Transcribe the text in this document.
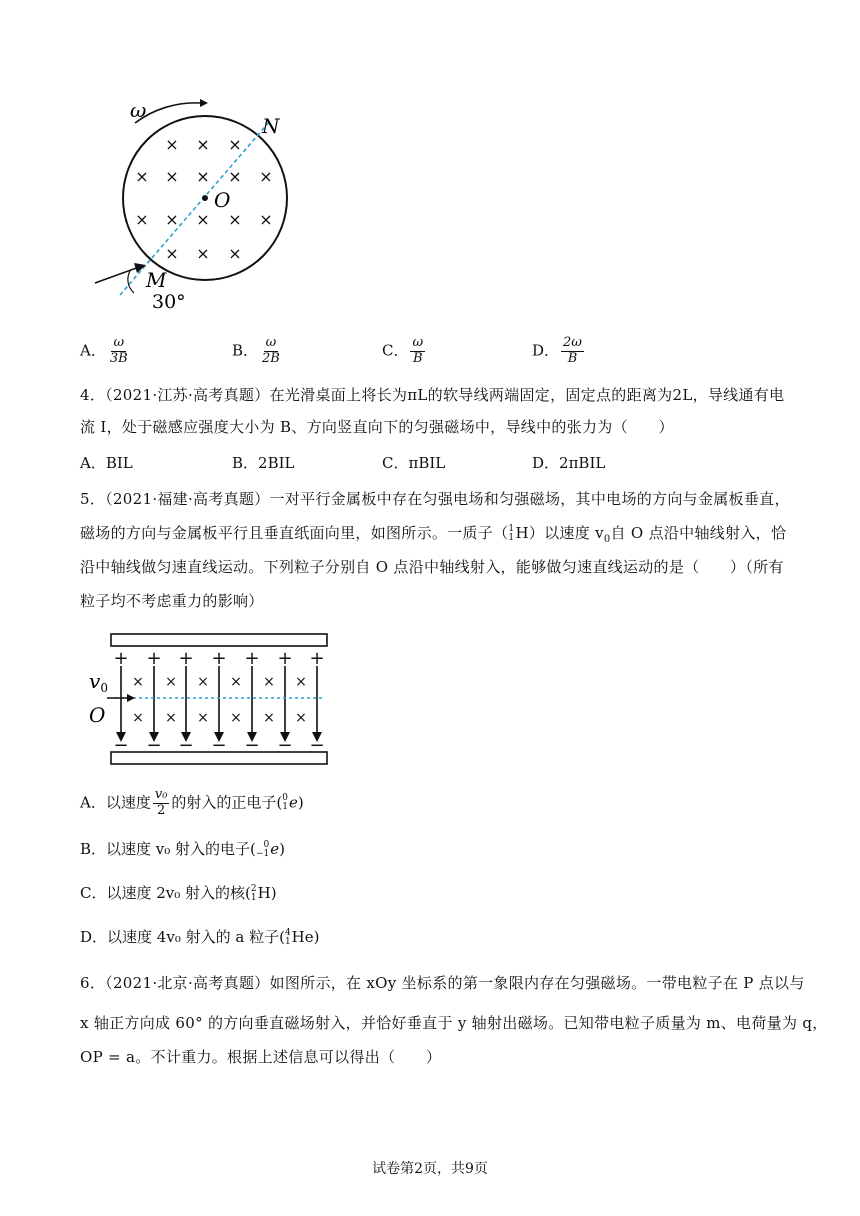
× × ×
× × × × ×
× × × × ×
× × ×
ω
N
O
M
30°
A． $\frac{\omega}{3B}$	B． $\frac{\omega}{2B}$	C． $\frac{\omega}{B}$	D． $\frac{2\omega}{B}$
4．（2021·江苏·高考真题）在光滑桌面上将长为πL的软导线两端固定，固定点的距离为2L，导线通有电
流 I，处于磁感应强度大小为 B、方向竖直向下的匀强磁场中，导线中的张力为（　　）
A．BIL	B．2BIL	C．πBIL	D．2πBIL
5．（2021·福建·高考真题）一对平行金属板中存在匀强电场和匀强磁场，其中电场的方向与金属板垂直，
磁场的方向与金属板平行且垂直纸面向里，如图所示。一质子（ 1
1 H）以速度 $v_0$自 O 点沿中轴线射入，恰
沿中轴线做匀速直线运动。下列粒子分别自 O 点沿中轴线射入，能够做匀速直线运动的是（　　）（所有
粒子均不考虑重力的影响）
+ + + + + + +
− − − − − − −
× × × × × ×
× × × × × ×
$v_0$
O
A．以速度 $\frac{\text{v₀}}{2}$ 的射入的正电子( 0
1 e)
B．以速度 v₀ 射入的电子( 0
−1 e)
C．以速度 2v₀ 射入的核( 2
1 H)
D．以速度 4v₀ 射入的 a 粒子( 4
1 He)
6．（2021·北京·高考真题）如图所示，在 xOy 坐标系的第一象限内存在匀强磁场。一带电粒子在 P 点以与
x 轴正方向成 60° 的方向垂直磁场射入，并恰好垂直于 y 轴射出磁场。已知带电粒子质量为 m、电荷量为 q，
OP = a。不计重力。根据上述信息可以得出（　　）
试卷第2页，共9页
